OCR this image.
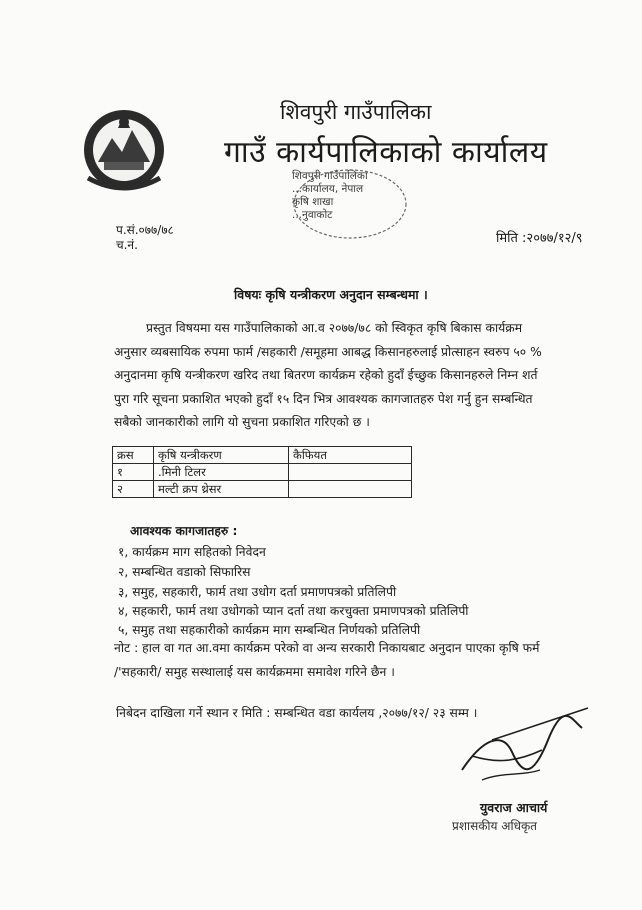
शिवपुरी गाउँपालिका
गाउँ कार्यपालिकाको कार्यालय
शिवपुरी गाउँपालिका
...कार्यालय, नेपाल
कृषि शाखा
...नुवाकोट
प.सं.०७७/७८
च.नं.	मिति :२०७७/१२/९
विषयः कृषि यन्त्रीकरण अनुदान सम्बन्धमा ।
प्रस्तुत विषयमा यस गाउँपालिकाको आ.व २०७७/७८ को स्विकृत कृषि बिकास कार्यक्रम
अनुसार व्यबसायिक रुपमा फार्म /सहकारी /समूहमा आबद्ध किसानहरुलाई प्रोत्साहन स्वरुप ५० %
अनुदानमा कृषि यन्त्रीकरण खरिद तथा बितरण कार्यक्रम रहेको हुदाँ ईच्छुक किसानहरुले निम्न शर्त
पुरा गरि सूचना प्रकाशित भएको हुदाँ १५ दिन भित्र आवश्यक कागजातहरु पेश गर्नु हुन सम्बन्धित
सबैको जानकारीको लागि यो सुचना प्रकाशित गरिएको छ ।
क्रस	कृषि यन्त्रीकरण	कैफियत
१	.मिनी टिलर	
२	मल्टी क्रप थ्रेसर	
आवश्यक कागजातहरु :
१, कार्यक्रम माग सहितको निवेदन
२, सम्बन्धित वडाको सिफारिस
३, समुह, सहकारी, फार्म तथा उधोग दर्ता प्रमाणपत्रको प्रतिलिपी
४, सहकारी, फार्म तथा उधोगको प्यान दर्ता तथा करचुक्ता प्रमाणपत्रको प्रतिलिपी
५, समुह तथा सहकारीको कार्यक्रम माग सम्बन्धित निर्णयको प्रतिलिपी
नोट : हाल वा गत आ.वमा कार्यक्रम परेको वा अन्य सरकारी निकायबाट अनुदान पाएका कृषि फर्म
/'सहकारी/ समुह सस्थालाई यस कार्यक्रममा समावेश गरिने छैन ।
निबेदन दाखिला गर्ने स्थान र मिति : सम्बन्धित वडा कार्यलय ,२०७७/१२/ २३ सम्म ।
युवराज आचार्य
प्रशासकीय अधिकृत
